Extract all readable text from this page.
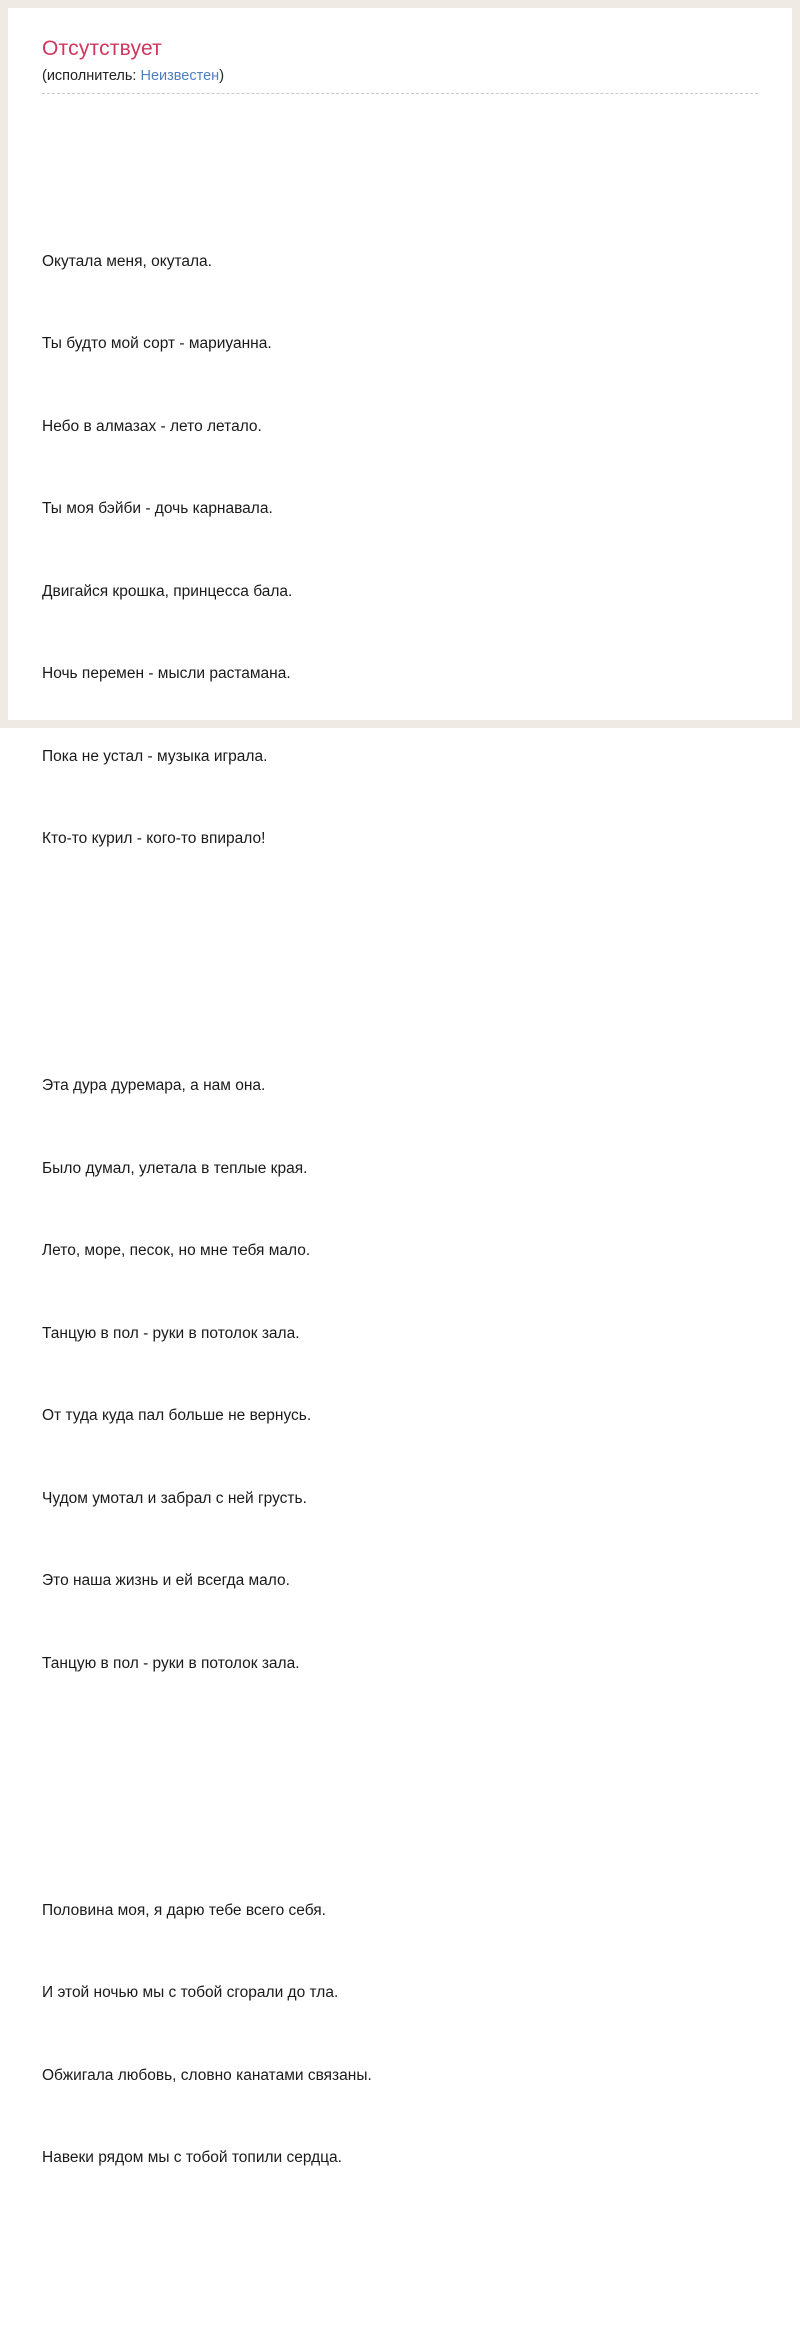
Отсутствует
(исполнитель: Неизвестен)

Окутала меня, окутала.

Ты будто мой сорт - мариуанна.

Небо в алмазах - лето летало.

Ты моя бэйби - дочь карнавала.

Двигайся крошка, принцесса бала.

Ночь перемен - мысли растамана.

Пока не устал - музыка играла.

Кто-то курил - кого-то впирало!

Эта дура дуремара, а нам она.

Было думал, улетала в теплые края.

Лето, море, песок, но мне тебя мало.

Танцую в пол - руки в потолок зала.

От туда куда пал больше не вернусь.

Чудом умотал и забрал с ней грусть.

Это наша жизнь и ей всегда мало.

Танцую в пол - руки в потолок зала.

Половина моя, я дарю тебе всего себя.

И этой ночью мы с тобой сгорали до тла.

Обжигала любовь, словно канатами связаны.

Навеки рядом мы с тобой топили сердца.
